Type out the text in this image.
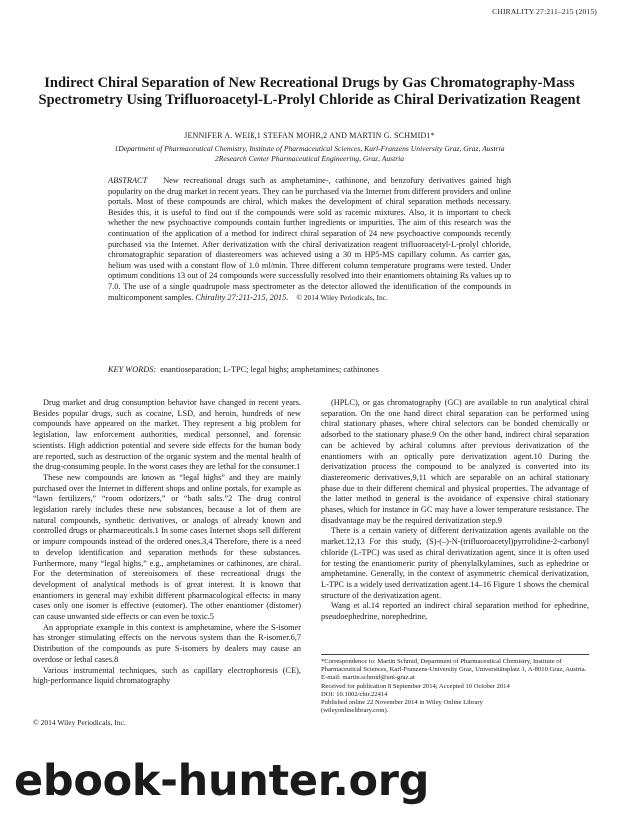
CHIRALITY 27:211–215 (2015)
Indirect Chiral Separation of New Recreational Drugs by Gas Chromatography-Mass Spectrometry Using Trifluoroacetyl-L-Prolyl Chloride as Chiral Derivatization Reagent
JENNIFER A. WEIß,1 STEFAN MOHR,2 AND MARTIN G. SCHMID1*
1Department of Pharmaceutical Chemistry, Institute of Pharmaceutical Sciences, Karl-Franzens University Graz, Graz, Austria
2Research Center Pharmaceutical Engineering, Graz, Austria
ABSTRACT New recreational drugs such as amphetamine-, cathinone, and benzofury derivatives gained high popularity on the drug market in recent years. They can be purchased via the Internet from different providers and online portals. Most of these compounds are chiral, which makes the development of chiral separation methods necessary. Besides this, it is useful to find out if the compounds were sold as racemic mixtures. Also, it is important to check whether the new psychoactive compounds contain further ingredients or impurities. The aim of this research was the continuation of the application of a method for indirect chiral separation of 24 new psychoactive compounds recently purchased via the Internet. After derivatization with the chiral derivatization reagent trifluoroacetyl-L-prolyl chloride, chromatographic separation of diastereomers was achieved using a 30 m HP5-MS capillary column. As carrier gas, helium was used with a constant flow of 1.0 ml/min. Three different column temperature programs were tested. Under optimum conditions 13 out of 24 compounds were successfully resolved into their enantiomers obtaining Rs values up to 7.0. The use of a single quadrupole mass spectrometer as the detector allowed the identification of the compounds in multicomponent samples. Chirality 27:211-215, 2015. © 2014 Wiley Periodicals, Inc.
KEY WORDS: enantioseparation; L-TPC; legal highs; amphetamines; cathinones

Drug market and drug consumption behavior have changed in recent years. Besides popular drugs, such as cocaine, LSD, and heroin, hundreds of new compounds have appeared on the market. They represent a big problem for legislation, law enforcement authorities, medical personnel, and forensic scientists. High addiction potential and severe side effects for the human body are reported, such as destruction of the organic system and the mental health of the drug-consuming people. In the worst cases they are lethal for the consumer.1

These new compounds are known as “legal highs” and they are mainly purchased over the Internet in different shops and online portals, for example as “lawn fertilizers,” “room odorizers,” or “bath salts.”2 The drug control legislation rarely includes these new substances, because a lot of them are natural compounds, synthetic derivatives, or analogs of already known and controlled drugs or pharmaceuticals.1 In some cases Internet shops sell different or impure compounds instead of the ordered ones.3,4 Therefore, there is a need to develop identification and separation methods for these substances. Furthermore, many “legal highs,” e.g., amphetamines or cathinones, are chiral. For the determination of stereoisomers of these recreational drugs the development of analytical methods is of great interest. It is known that enantiomers in general may exhibit different pharmacological effects: in many cases only one isomer is effective (eutomer). The other enantiomer (distomer) can cause unwanted side effects or can even be toxic.5

An appropriate example in this context is amphetamine, where the S-isomer has stronger stimulating effects on the nervous system than the R-isomer.6,7 Distribution of the compounds as pure S-isomers by dealers may cause an overdose or lethal cases.8

Various instrumental techniques, such as capillary electrophoresis (CE), high-performance liquid chromatography

(HPLC), or gas chromatography (GC) are available to run analytical chiral separation. On the one hand direct chiral separation can be performed using chiral stationary phases, where chiral selectors can be bonded chemically or adsorbed to the stationary phase.9 On the other hand, indirect chiral separation can be achieved by achiral columns after previous derivatization of the enantiomers with an optically pure derivatization agent.10 During the derivatization process the compound to be analyzed is converted into its diastereomeric derivatives,9,11 which are separable on an achiral stationary phase due to their different chemical and physical properties. The advantage of the latter method in general is the avoidance of expensive chiral stationary phases, which for instance in GC may have a lower temperature resistance. The disadvantage may be the required derivatization step.9

There is a certain variety of different derivatization agents available on the market.12,13 For this study, (S)-(–)-N-(trifluoroacetyl)pyrrolidine-2-carbonyl chloride (L-TPC) was used as chiral derivatization agent, since it is often used for testing the enantiomeric purity of phenylalkylamines, such as ephedrine or amphetamine. Generally, in the context of asymmetric chemical derivatization, L-TPC is a widely used derivatization agent.14–16 Figure 1 shows the chemical structure of the derivatization agent.

Wang et al.14 reported an indirect chiral separation method for ephedrine, pseudoephedrine, norephedrine,

*Correspondence to: Martin Schmid, Department of Pharmaceutical Chemistry, Institute of Pharmaceutical Sciences, Karl-Franzens-University Graz, Universitätsplatz 1, A-8010 Graz, Austria. E-mail: martin.schmid@uni-graz.at
Received for publication 8 September 2014; Accepted 10 October 2014
DOI: 10.1002/chir.22414
Published online 22 November 2014 in Wiley Online Library
(wileyonlinelibrary.com).
© 2014 Wiley Periodicals, Inc.
ebook-hunter.org
